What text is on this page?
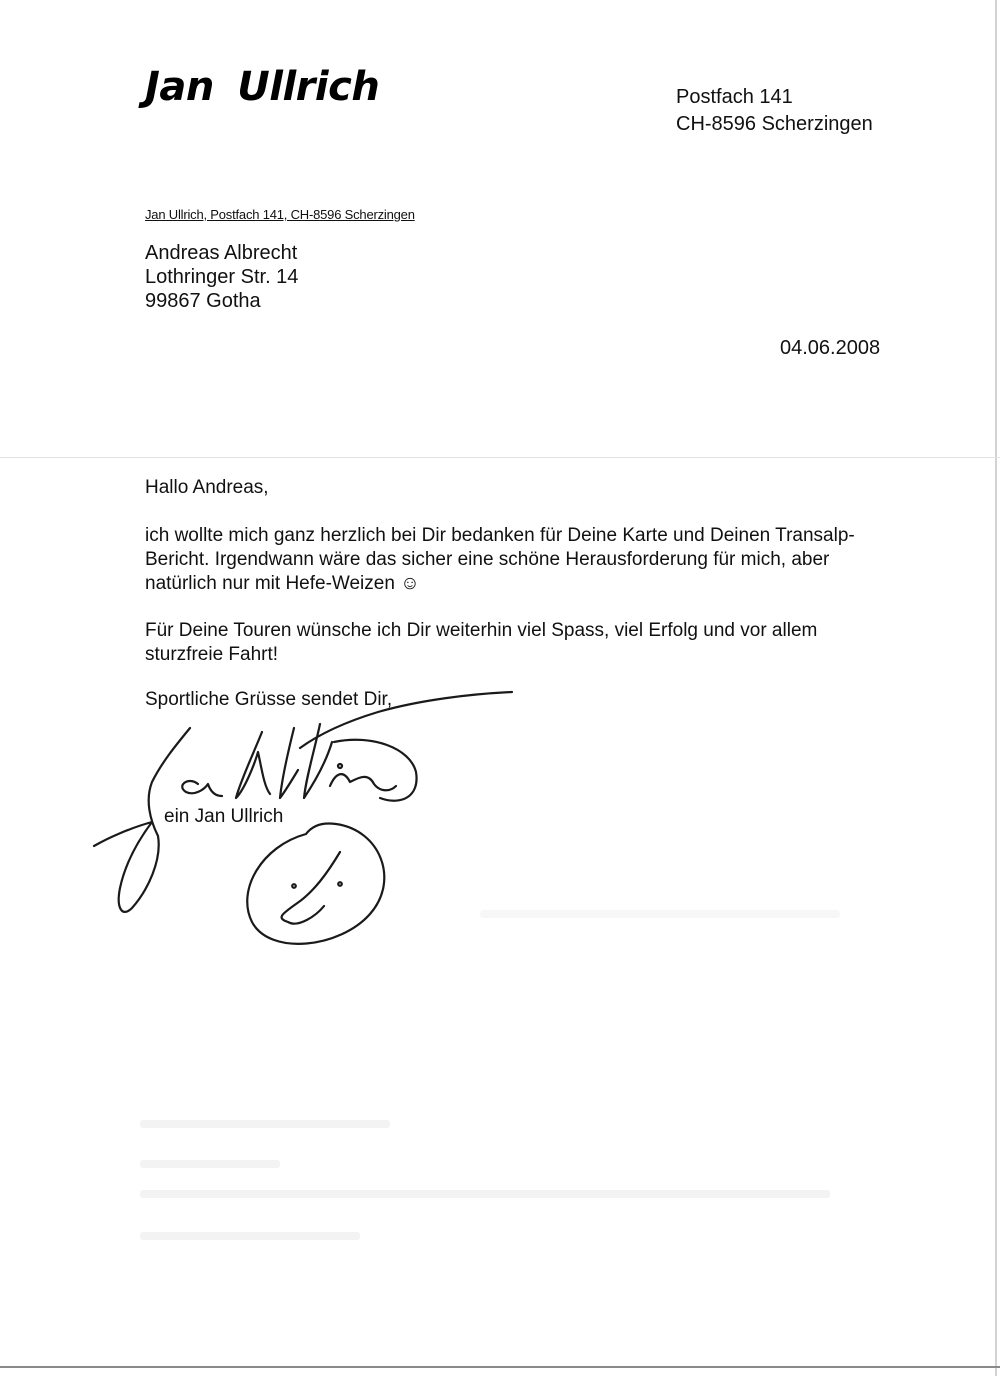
Jan Ullrich	Postfach 141
CH-8596 Scherzingen
Jan Ullrich, Postfach 141, CH-8596 Scherzingen
Andreas Albrecht
Lothringer Str. 14
99867 Gotha
04.06.2008
Hallo Andreas,
ich wollte mich ganz herzlich bei Dir bedanken für Deine Karte und Deinen Transalp-
Bericht. Irgendwann wäre das sicher eine schöne Herausforderung für mich, aber
natürlich nur mit Hefe-Weizen ☺
Für Deine Touren wünsche ich Dir weiterhin viel Spass, viel Erfolg und vor allem
sturzfreie Fahrt!
Sportliche Grüsse sendet Dir,
ein Jan Ullrich
